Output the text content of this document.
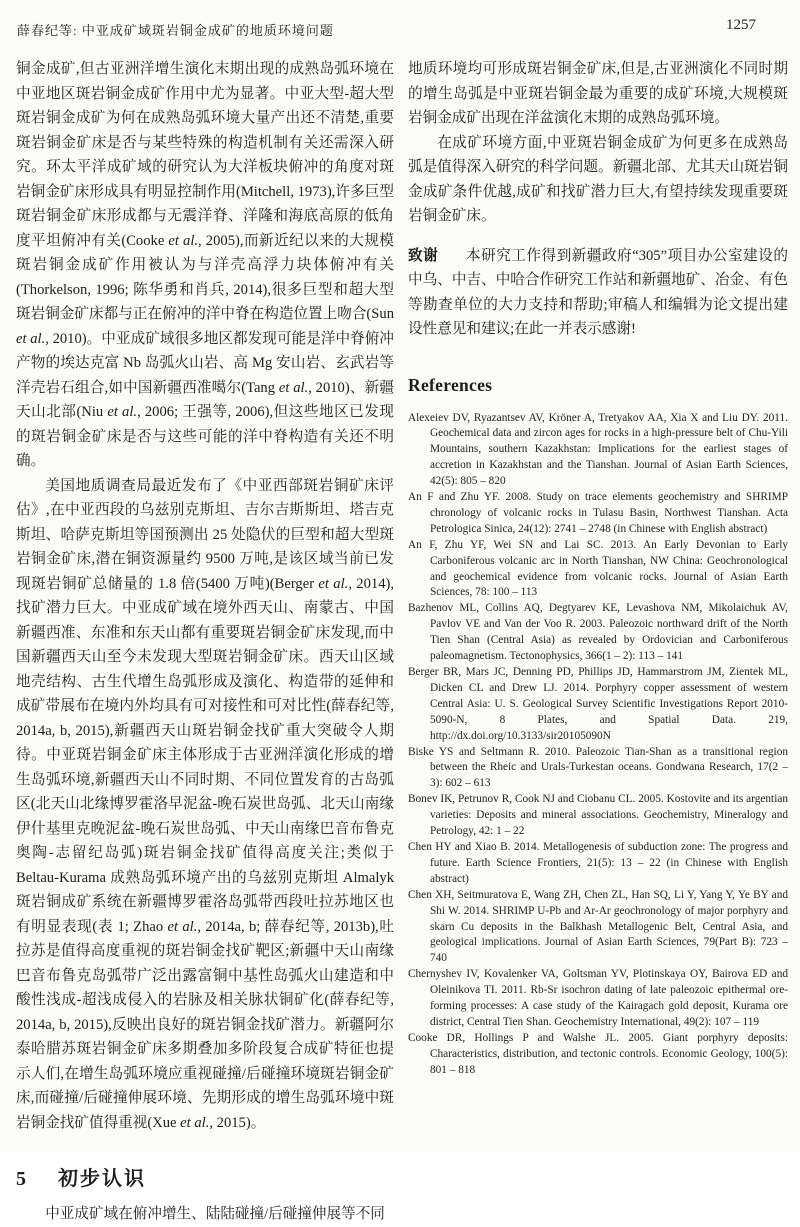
薛春纪等: 中亚成矿域斑岩铜金成矿的地质环境问题	1257

铜金成矿,但古亚洲洋增生演化末期出现的成熟岛弧环境在中亚地区斑岩铜金成矿作用中尤为显著。中亚大型-超大型斑岩铜金成矿为何在成熟岛弧环境大量产出还不清楚,重要斑岩铜金矿床是否与某些特殊的构造机制有关还需深入研究。环太平洋成矿域的研究认为大洋板块俯冲的角度对斑岩铜金矿床形成具有明显控制作用(Mitchell, 1973),许多巨型斑岩铜金矿床形成都与无震洋脊、洋隆和海底高原的低角度平坦俯冲有关(Cooke et al., 2005),而新近纪以来的大规模斑岩铜金成矿作用被认为与洋壳高浮力块体俯冲有关(Thorkelson, 1996; 陈华勇和肖兵, 2014),很多巨型和超大型斑岩铜金矿床都与正在俯冲的洋中脊在构造位置上吻合(Sun et al., 2010)。中亚成矿域很多地区都发现可能是洋中脊俯冲产物的埃达克富 Nb 岛弧火山岩、高 Mg 安山岩、玄武岩等洋壳岩石组合,如中国新疆西准噶尔(Tang et al., 2010)、新疆天山北部(Niu et al., 2006; 王强等, 2006),但这些地区已发现的斑岩铜金矿床是否与这些可能的洋中脊构造有关还不明确。

美国地质调查局最近发布了《中亚西部斑岩铜矿床评估》,在中亚西段的乌兹别克斯坦、吉尔吉斯斯坦、塔吉克斯坦、哈萨克斯坦等国预测出 25 处隐伏的巨型和超大型斑岩铜金矿床,潜在铜资源量约 9500 万吨,是该区域当前已发现斑岩铜矿总储量的 1.8 倍(5400 万吨)(Berger et al., 2014),找矿潜力巨大。中亚成矿域在境外西天山、南蒙古、中国新疆西准、东准和东天山都有重要斑岩铜金矿床发现,而中国新疆西天山至今未发现大型斑岩铜金矿床。西天山区域地壳结构、古生代增生岛弧形成及演化、构造带的延伸和成矿带展布在境内外均具有可对接性和可对比性(薛春纪等, 2014a, b, 2015),新疆西天山斑岩铜金找矿重大突破令人期待。中亚斑岩铜金矿床主体形成于古亚洲洋演化形成的增生岛弧环境,新疆西天山不同时期、不同位置发育的古岛弧区(北天山北缘博罗霍洛早泥盆-晚石炭世岛弧、北天山南缘伊什基里克晚泥盆-晚石炭世岛弧、中天山南缘巴音布鲁克奥陶-志留纪岛弧)斑岩铜金找矿值得高度关注;类似于 Beltau-Kurama 成熟岛弧环境产出的乌兹别克斯坦 Almalyk 斑岩铜成矿系统在新疆博罗霍洛岛弧带西段吐拉苏地区也有明显表现(表 1; Zhao et al., 2014a, b; 薛春纪等, 2013b),吐拉苏是值得高度重视的斑岩铜金找矿靶区;新疆中天山南缘巴音布鲁克岛弧带广泛出露富铜中基性岛弧火山建造和中酸性浅成-超浅成侵入的岩脉及相关脉状铜矿化(薛春纪等, 2014a, b, 2015),反映出良好的斑岩铜金找矿潜力。新疆阿尔泰哈腊苏斑岩铜金矿床多期叠加多阶段复合成矿特征也提示人们,在增生岛弧环境应重视碰撞/后碰撞环境斑岩铜金矿床,而碰撞/后碰撞伸展环境、先期形成的增生岛弧环境中斑岩铜金找矿值得重视(Xue et al., 2015)。

5 初步认识

中亚成矿域在俯冲增生、陆陆碰撞/后碰撞伸展等不同

地质环境均可形成斑岩铜金矿床,但是,古亚洲演化不同时期的增生岛弧是中亚斑岩铜金最为重要的成矿环境,大规模斑岩铜金成矿出现在洋盆演化末期的成熟岛弧环境。

在成矿环境方面,中亚斑岩铜金成矿为何更多在成熟岛弧是值得深入研究的科学问题。新疆北部、尤其天山斑岩铜金成矿条件优越,成矿和找矿潜力巨大,有望持续发现重要斑岩铜金矿床。

致谢 本研究工作得到新疆政府“305”项目办公室建设的中乌、中吉、中哈合作研究工作站和新疆地矿、冶金、有色等勘查单位的大力支持和帮助;审稿人和编辑为论文提出建设性意见和建议;在此一并表示感谢!

References

Alexeiev DV, Ryazantsev AV, Kröner A, Tretyakov AA, Xia X and Liu DY. 2011. Geochemical data and zircon ages for rocks in a high-pressure belt of Chu-Yili Mountains, southern Kazakhstan: Implications for the earliest stages of accretion in Kazakhstan and the Tianshan. Journal of Asian Earth Sciences, 42(5): 805 – 820

An F and Zhu YF. 2008. Study on trace elements geochemistry and SHRIMP chronology of volcanic rocks in Tulasu Basin, Northwest Tianshan. Acta Petrologica Sinica, 24(12): 2741 – 2748 (in Chinese with English abstract)

An F, Zhu YF, Wei SN and Lai SC. 2013. An Early Devonian to Early Carboniferous volcanic arc in North Tianshan, NW China: Geochronological and geochemical evidence from volcanic rocks. Journal of Asian Earth Sciences, 78: 100 – 113

Bazhenov ML, Collins AQ, Degtyarev KE, Levashova NM, Mikolaichuk AV, Pavlov VE and Van der Voo R. 2003. Paleozoic northward drift of the North Tien Shan (Central Asia) as revealed by Ordovician and Carboniferous paleomagnetism. Tectonophysics, 366(1 – 2): 113 – 141

Berger BR, Mars JC, Denning PD, Phillips JD, Hammarstrom JM, Zientek ML, Dicken CL and Drew LJ. 2014. Porphyry copper assessment of western Central Asia: U. S. Geological Survey Scientific Investigations Report 2010-5090-N, 8 Plates, and Spatial Data. 219, http://dx.doi.org/10.3133/sir20105090N

Biske YS and Seltmann R. 2010. Paleozoic Tian-Shan as a transitional region between the Rheic and Urals-Turkestan oceans. Gondwana Research, 17(2 – 3): 602 – 613

Bonev IK, Petrunov R, Cook NJ and Ciobanu CL. 2005. Kostovite and its argentian varieties: Deposits and mineral associations. Geochemistry, Mineralogy and Petrology, 42: 1 – 22

Chen HY and Xiao B. 2014. Metallogenesis of subduction zone: The progress and future. Earth Science Frontiers, 21(5): 13 – 22 (in Chinese with English abstract)

Chen XH, Seitmuratova E, Wang ZH, Chen ZL, Han SQ, Li Y, Yang Y, Ye BY and Shi W. 2014. SHRIMP U-Pb and Ar-Ar geochronology of major porphyry and skarn Cu deposits in the Balkhash Metallogenic Belt, Central Asia, and geological implications. Journal of Asian Earth Sciences, 79(Part B): 723 – 740

Chernyshev IV, Kovalenker VA, Goltsman YV, Plotinskaya OY, Bairova ED and Oleinikova TI. 2011. Rb-Sr isochron dating of late paleozoic epithermal ore-forming processes: A case study of the Kairagach gold deposit, Kurama ore district, Central Tien Shan. Geochemistry International, 49(2): 107 – 119

Cooke DR, Hollings P and Walshe JL. 2005. Giant porphyry deposits: Characteristics, distribution, and tectonic controls. Economic Geology, 100(5): 801 – 818
